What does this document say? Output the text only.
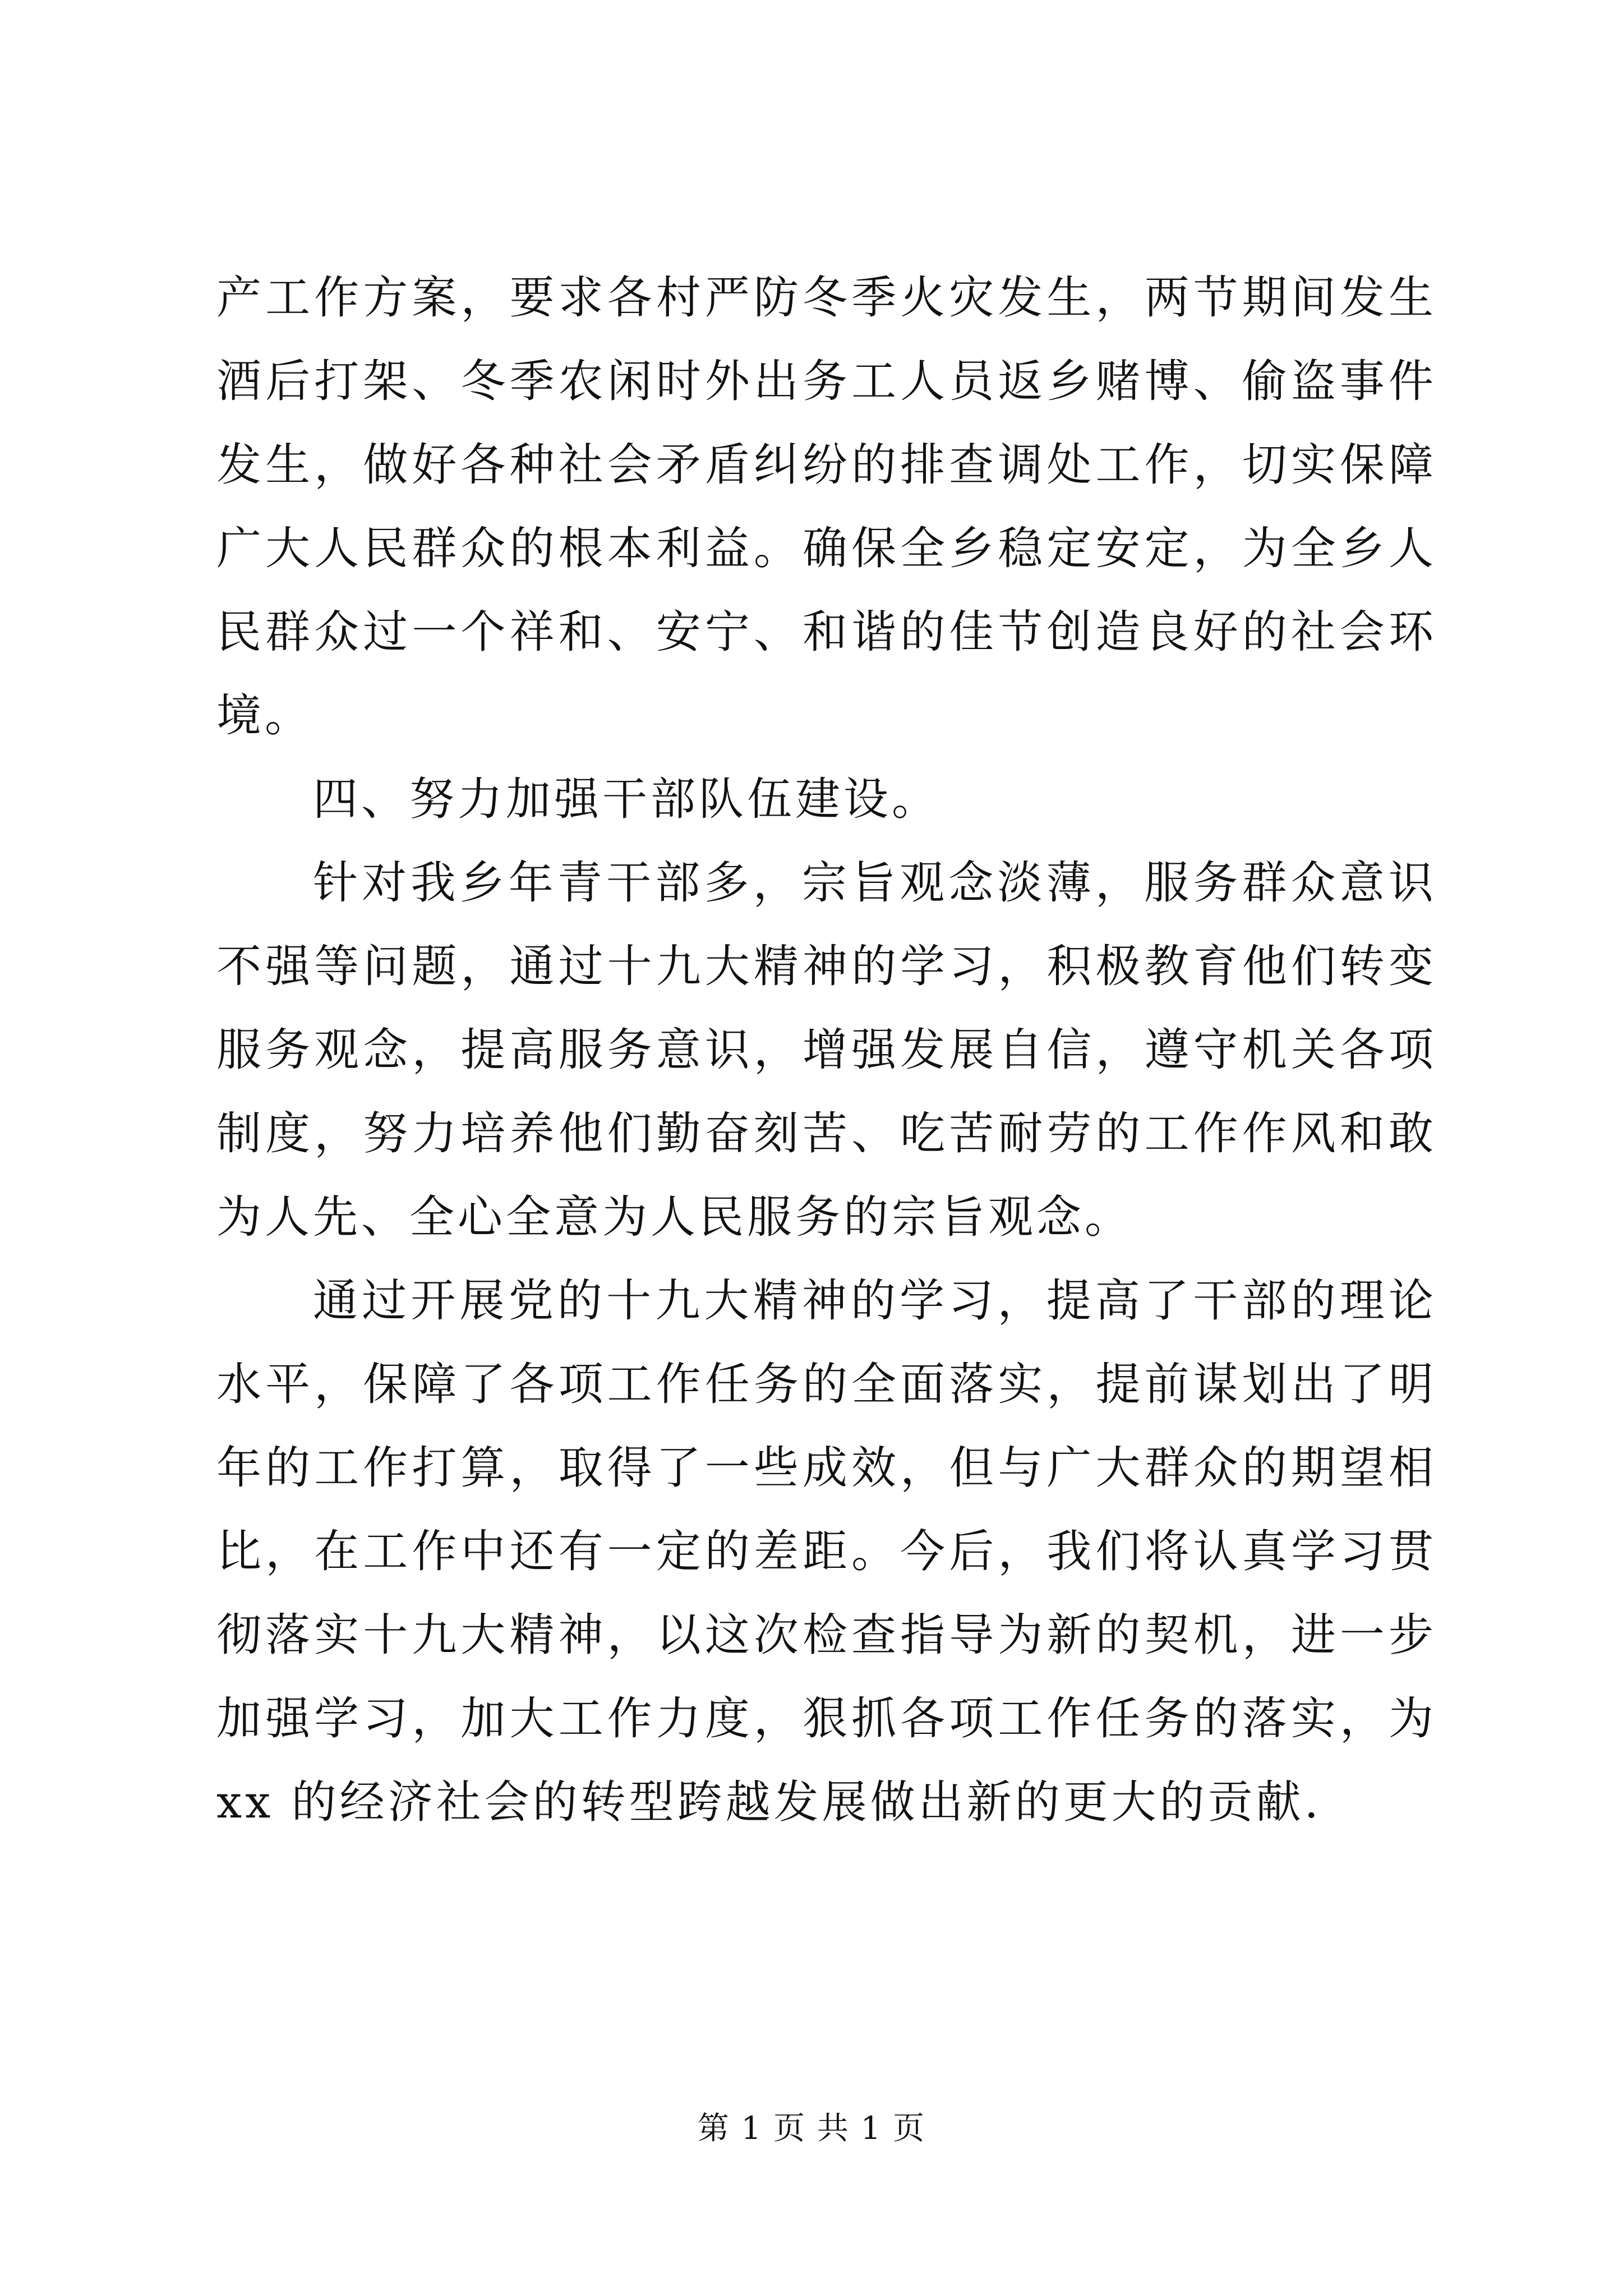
产工作方案，要求各村严防冬季火灾发生，两节期间发生酒后打架、冬季农闲时外出务工人员返乡赌博、偷盗事件发生，做好各种社会矛盾纠纷的排查调处工作，切实保障广大人民群众的根本利益。确保全乡稳定安定，为全乡人民群众过一个祥和、安宁、和谐的佳节创造良好的社会环境。

四、努力加强干部队伍建设。

针对我乡年青干部多，宗旨观念淡薄，服务群众意识不强等问题，通过十九大精神的学习，积极教育他们转变服务观念，提高服务意识，增强发展自信，遵守机关各项制度，努力培养他们勤奋刻苦、吃苦耐劳的工作作风和敢为人先、全心全意为人民服务的宗旨观念。

通过开展党的十九大精神的学习，提高了干部的理论水平，保障了各项工作任务的全面落实，提前谋划出了明年的工作打算，取得了一些成效，但与广大群众的期望相比，在工作中还有一定的差距。今后，我们将认真学习贯彻落实十九大精神，以这次检查指导为新的契机，进一步加强学习，加大工作力度，狠抓各项工作任务的落实，为 xx 的经济社会的转型跨越发展做出新的更大的贡献.

第 1 页 共 1 页
